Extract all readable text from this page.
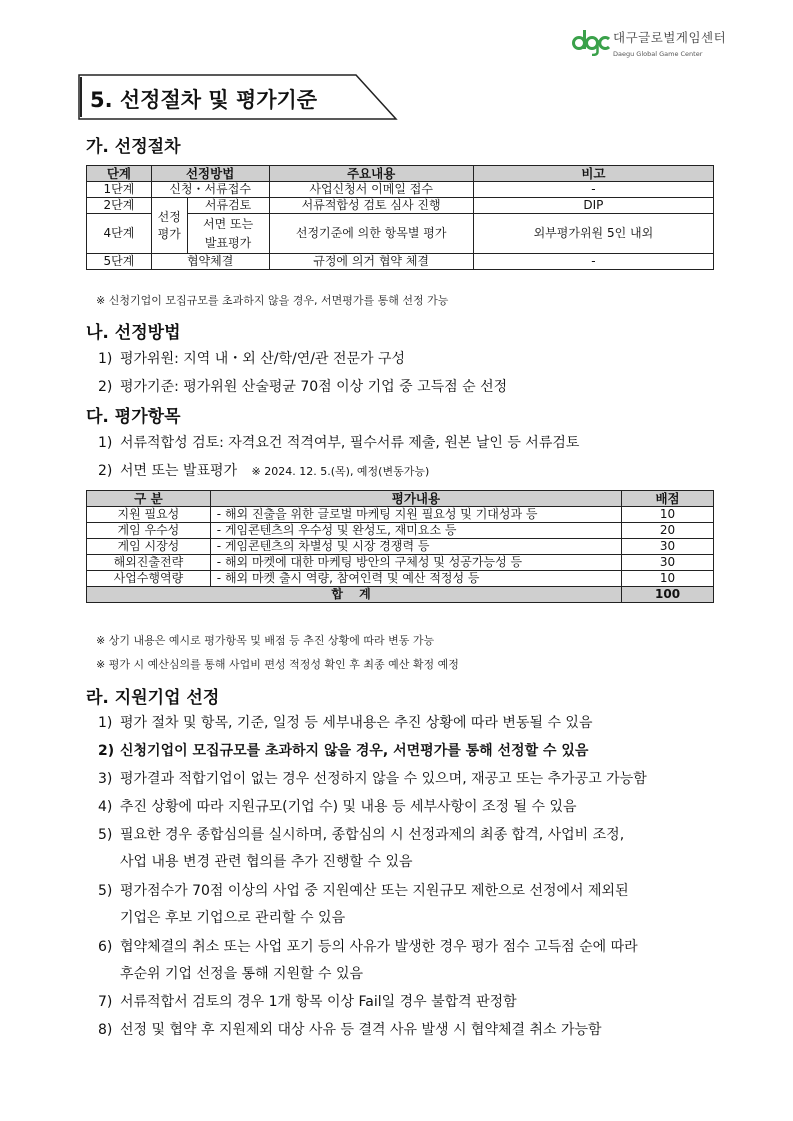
대구글로벌게임센터
Daegu Global Game Center
5. 선정절차 및 평가기준
가. 선정절차
단계	선정방법		주요내용	비고
1단계	신청・서류접수		사업신청서 이메일 접수	-
2단계	선정 평가	서류검토	서류적합성 검토 심사 진행	DIP
4단계		서면 또는 발표평가	선정기준에 의한 항목별 평가	외부평가위원 5인 내외
5단계	협약체결		규정에 의거 협약 체결	-
※ 신청기업이 모집규모를 초과하지 않을 경우, 서면평가를 통해 선정 가능
나. 선정방법
1) 평가위원: 지역 내・외 산/학/연/관 전문가 구성
2) 평가기준: 평가위원 산술평균 70점 이상 기업 중 고득점 순 선정
다. 평가항목
1) 서류적합성 검토: 자격요건 적격여부, 필수서류 제출, 원본 날인 등 서류검토
2) 서면 또는 발표평가 ※ 2024. 12. 5.(목), 예정(변동가능)
구 분	평가내용	배점
지원 필요성	- 해외 진출을 위한 글로벌 마케팅 지원 필요성 및 기대성과 등	10
게임 우수성	- 게임콘텐츠의 우수성 및 완성도, 재미요소 등	20
게임 시장성	- 게임콘텐츠의 차별성 및 시장 경쟁력 등	30
해외진출전략	- 해외 마켓에 대한 마케팅 방안의 구체성 및 성공가능성 등	30
사업수행역량	- 해외 마켓 출시 역량, 참여인력 및 예산 적정성 등	10
합 계		100
※ 상기 내용은 예시로 평가항목 및 배점 등 추진 상황에 따라 변동 가능
※ 평가 시 예산심의를 통해 사업비 편성 적정성 확인 후 최종 예산 확정 예정
라. 지원기업 선정
1) 평가 절차 및 항목, 기준, 일정 등 세부내용은 추진 상황에 따라 변동될 수 있음
2) 신청기업이 모집규모를 초과하지 않을 경우, 서면평가를 통해 선정할 수 있음
3) 평가결과 적합기업이 없는 경우 선정하지 않을 수 있으며, 재공고 또는 추가공고 가능함
4) 추진 상황에 따라 지원규모(기업 수) 및 내용 등 세부사항이 조정 될 수 있음
5) 필요한 경우 종합심의를 실시하며, 종합심의 시 선정과제의 최종 합격, 사업비 조정,
사업 내용 변경 관련 협의를 추가 진행할 수 있음
5) 평가점수가 70점 이상의 사업 중 지원예산 또는 지원규모 제한으로 선정에서 제외된
기업은 후보 기업으로 관리할 수 있음
6) 협약체결의 취소 또는 사업 포기 등의 사유가 발생한 경우 평가 점수 고득점 순에 따라
후순위 기업 선정을 통해 지원할 수 있음
7) 서류적합서 검토의 경우 1개 항목 이상 Fail일 경우 불합격 판정함
8) 선정 및 협약 후 지원제외 대상 사유 등 결격 사유 발생 시 협약체결 취소 가능함
